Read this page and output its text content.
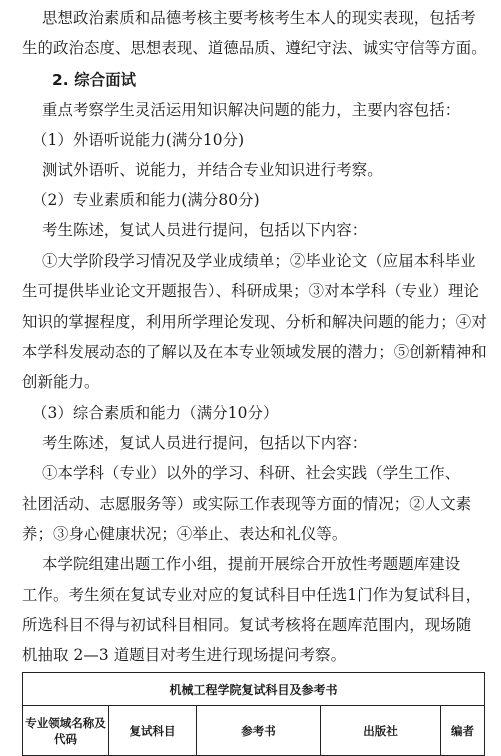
思想政治素质和品德考核主要考核考生本人的现实表现，包括考
生的政治态度、思想表现、道德品质、遵纪守法、诚实守信等方面。
2. 综合面试
重点考察学生灵活运用知识解决问题的能力，主要内容包括：
（1）外语听说能力(满分10分)
测试外语听、说能力，并结合专业知识进行考察。
（2）专业素质和能力(满分80分)
考生陈述，复试人员进行提问，包括以下内容：
①大学阶段学习情况及学业成绩单；②毕业论文（应届本科毕业
生可提供毕业论文开题报告）、科研成果；③对本学科（专业）理论
知识的掌握程度，利用所学理论发现、分析和解决问题的能力；④对
本学科发展动态的了解以及在本专业领域发展的潜力；⑤创新精神和
创新能力。
（3）综合素质和能力（满分10分）
考生陈述，复试人员进行提问，包括以下内容：
①本学科（专业）以外的学习、科研、社会实践（学生工作、
社团活动、志愿服务等）或实际工作表现等方面的情况；②人文素
养；③身心健康状况；④举止、表达和礼仪等。
本学院组建出题工作小组，提前开展综合开放性考题题库建设
工作。考生须在复试专业对应的复试科目中任选1门作为复试科目，
所选科目不得与初试科目相同。复试考核将在题库范围内，现场随
机抽取 2—3 道题目对考生进行现场提问考察。
机械工程学院复试科目及参考书
专业领域名称及代码	复试科目	参考书	出版社	编者
